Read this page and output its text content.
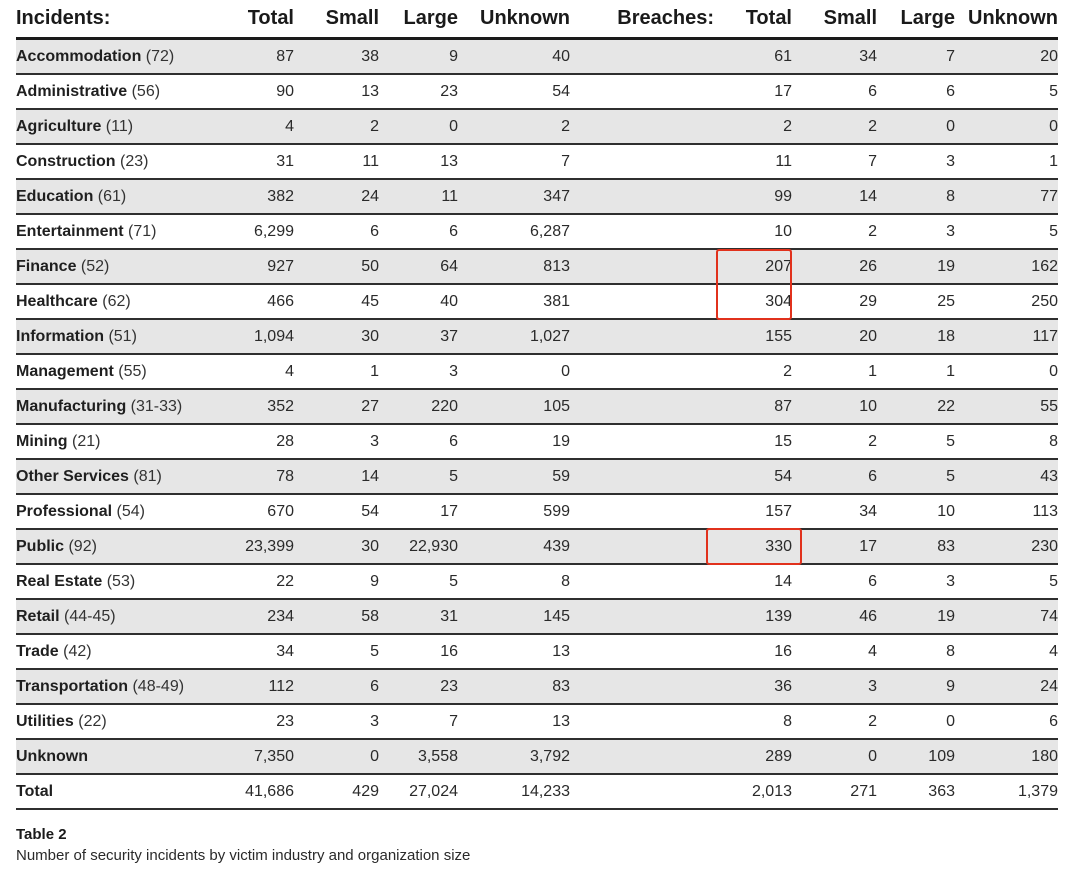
Incidents:	Total	Small	Large	Unknown		Breaches:	Total	Small	Large	Unknown
Accommodation (72)	87	38	9	40			61	34	7	20
Administrative (56)	90	13	23	54			17	6	6	5
Agriculture (11)	4	2	0	2			2	2	0	0
Construction (23)	31	11	13	7			11	7	3	1
Education (61)	382	24	11	347			99	14	8	77
Entertainment (71)	6,299	6	6	6,287			10	2	3	5
Finance (52)	927	50	64	813			207	26	19	162
Healthcare (62)	466	45	40	381			304	29	25	250
Information (51)	1,094	30	37	1,027			155	20	18	117
Management (55)	4	1	3	0			2	1	1	0
Manufacturing (31-33)	352	27	220	105			87	10	22	55
Mining (21)	28	3	6	19			15	2	5	8
Other Services (81)	78	14	5	59			54	6	5	43
Professional (54)	670	54	17	599			157	34	10	113
Public (92)	23,399	30	22,930	439			330	17	83	230
Real Estate (53)	22	9	5	8			14	6	3	5
Retail (44-45)	234	58	31	145			139	46	19	74
Trade (42)	34	5	16	13			16	4	8	4
Transportation (48-49)	112	6	23	83			36	3	9	24
Utilities (22)	23	3	7	13			8	2	0	6
Unknown	7,350	0	3,558	3,792			289	0	109	180
Total	41,686	429	27,024	14,233			2,013	271	363	1,379
Table 2
Number of security incidents by victim industry and organization size
